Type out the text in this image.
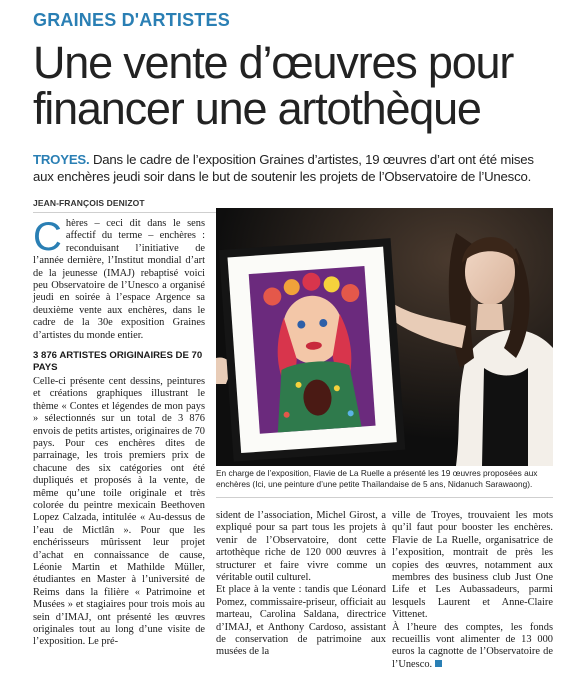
GRAINES D'ARTISTES
Une vente d’œuvres pour
financer une artothèque
TROYES. Dans le cadre de l’exposition Graines d’artistes, 19 œuvres d’art ont été mises aux enchères jeudi soir dans le but de soutenir les projets de l’Observatoire de l’Unesco.
JEAN-FRANÇOIS DENIZOT

Chères – ceci dit dans le sens affectif du terme – enchères : reconduisant l’initiative de l’année dernière, l’Institut mondial d’art de la jeunesse (IMAJ) rebaptisé voici peu Observatoire de l’Unesco a organisé jeudi en soirée à l’espace Argence sa deuxième vente aux enchères, dans le cadre de la 30e exposition Graines d’artistes du monde entier.

3 876 ARTISTES ORIGINAIRES DE 70 PAYS

Celle-ci présente cent dessins, peintures et créations graphiques illustrant le thème « Contes et légendes de mon pays » sélectionnés sur un total de 3 876 envois de petits artistes, originaires de 70 pays. Pour ces enchères dites de parrainage, les trois premiers prix de chacune des six catégories ont été dupliqués et proposés à la vente, de même qu’une toile originale et très colorée du peintre mexicain Beethoven Lopez Calzada, intitulée « Au-dessus de l’eau de Mictlân ». Pour que les enchérisseurs mûrissent leur projet d’achat en connaissance de cause, Léonie Martin et Mathilde Müller, étudiantes en Master à l’université de Reims dans la filière « Patrimoine et Musées » et stagiaires pour trois mois au sein d’IMAJ, ont présenté les œuvres originales tout au long d’une visite de l’exposition. Le pré-

En charge de l’exposition, Flavie de La Ruelle a présenté les 19 œuvres proposées aux enchères (Ici, une peinture d’une petite Thaïlandaise de 5 ans, Nidanuch Sarawaong).

sident de l’association, Michel Girost, a expliqué pour sa part tous les projets à venir de l’Observatoire, dont cette artothèque riche de 120 000 œuvres à structurer et faire vivre comme un véritable outil culturel.

Et place à la vente : tandis que Léonard Pomez, commissaire-priseur, officiait au marteau, Carolina Saldana, directrice d’IMAJ, et Anthony Cardoso, assistant de conservation de patrimoine aux musées de la

ville de Troyes, trouvaient les mots qu’il faut pour booster les enchères. Flavie de La Ruelle, organisatrice de l’exposition, montrait de près les copies des œuvres, notamment aux membres des business club Just One Life et Les Aubassadeurs, parmi lesquels Laurent et Anne-Claire Vittenet.

À l’heure des comptes, les fonds recueillis vont alimenter de 13 000 euros la cagnotte de l’Observatoire de l’Unesco.
